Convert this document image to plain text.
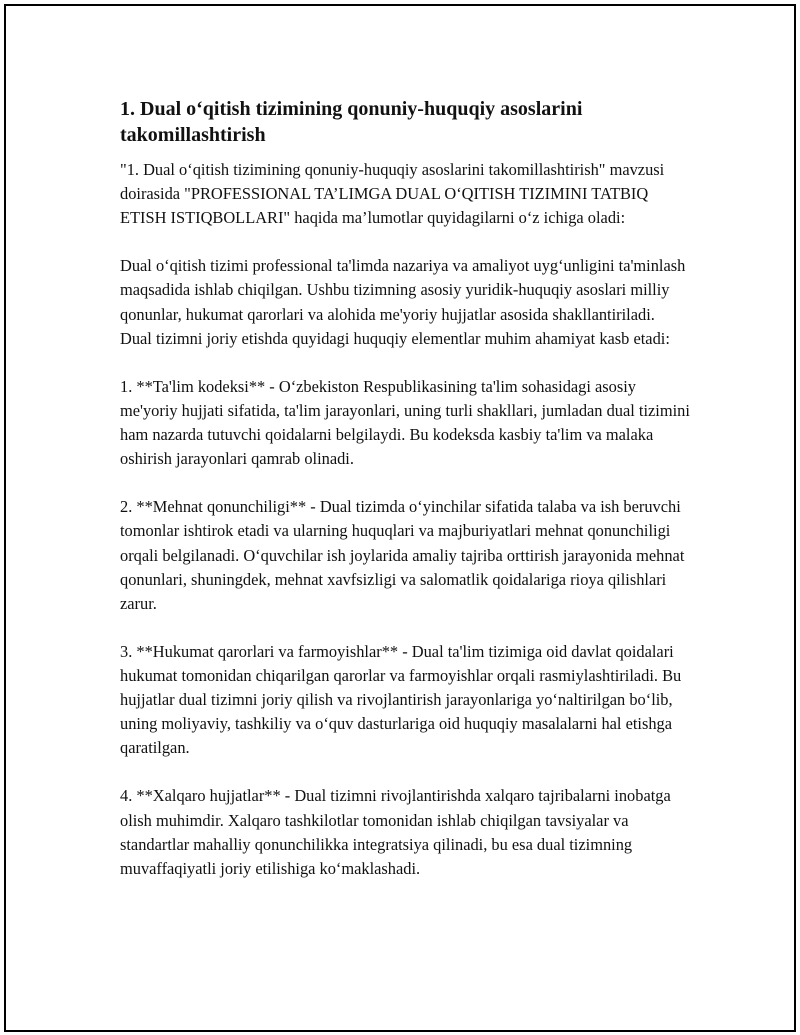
1. Dual o‘qitish tizimining qonuniy-huquqiy asoslarini takomillashtirish

"1. Dual o‘qitish tizimining qonuniy-huquqiy asoslarini takomillashtirish" mavzusi doirasida "PROFESSIONAL TA’LIMGA DUAL O‘QITISH TIZIMINI TATBIQ ETISH ISTIQBOLLARI" haqida ma’lumotlar quyidagilarni o‘z ichiga oladi:

Dual o‘qitish tizimi professional ta'limda nazariya va amaliyot uyg‘unligini ta'minlash maqsadida ishlab chiqilgan. Ushbu tizimning asosiy yuridik-huquqiy asoslari milliy qonunlar, hukumat qarorlari va alohida me'yoriy hujjatlar asosida shakllantiriladi. Dual tizimni joriy etishda quyidagi huquqiy elementlar muhim ahamiyat kasb etadi:

1. **Ta'lim kodeksi** - O‘zbekiston Respublikasining ta'lim sohasidagi asosiy me'yoriy hujjati sifatida, ta'lim jarayonlari, uning turli shakllari, jumladan dual tizimini ham nazarda tutuvchi qoidalarni belgilaydi. Bu kodeksda kasbiy ta'lim va malaka oshirish jarayonlari qamrab olinadi.

2. **Mehnat qonunchiligi** - Dual tizimda o‘yinchilar sifatida talaba va ish beruvchi tomonlar ishtirok etadi va ularning huquqlari va majburiyatlari mehnat qonunchiligi orqali belgilanadi. O‘quvchilar ish joylarida amaliy tajriba orttirish jarayonida mehnat qonunlari, shuningdek, mehnat xavfsizligi va salomatlik qoidalariga rioya qilishlari zarur.

3. **Hukumat qarorlari va farmoyishlar** - Dual ta'lim tizimiga oid davlat qoidalari hukumat tomonidan chiqarilgan qarorlar va farmoyishlar orqali rasmiylashtiriladi. Bu hujjatlar dual tizimni joriy qilish va rivojlantirish jarayonlariga yo‘naltirilgan bo‘lib, uning moliyaviy, tashkiliy va o‘quv dasturlariga oid huquqiy masalalarni hal etishga qaratilgan.

4. **Xalqaro hujjatlar** - Dual tizimni rivojlantirishda xalqaro tajribalarni inobatga olish muhimdir. Xalqaro tashkilotlar tomonidan ishlab chiqilgan tavsiyalar va standartlar mahalliy qonunchilikka integratsiya qilinadi, bu esa dual tizimning muvaffaqiyatli joriy etilishiga ko‘maklashadi.
